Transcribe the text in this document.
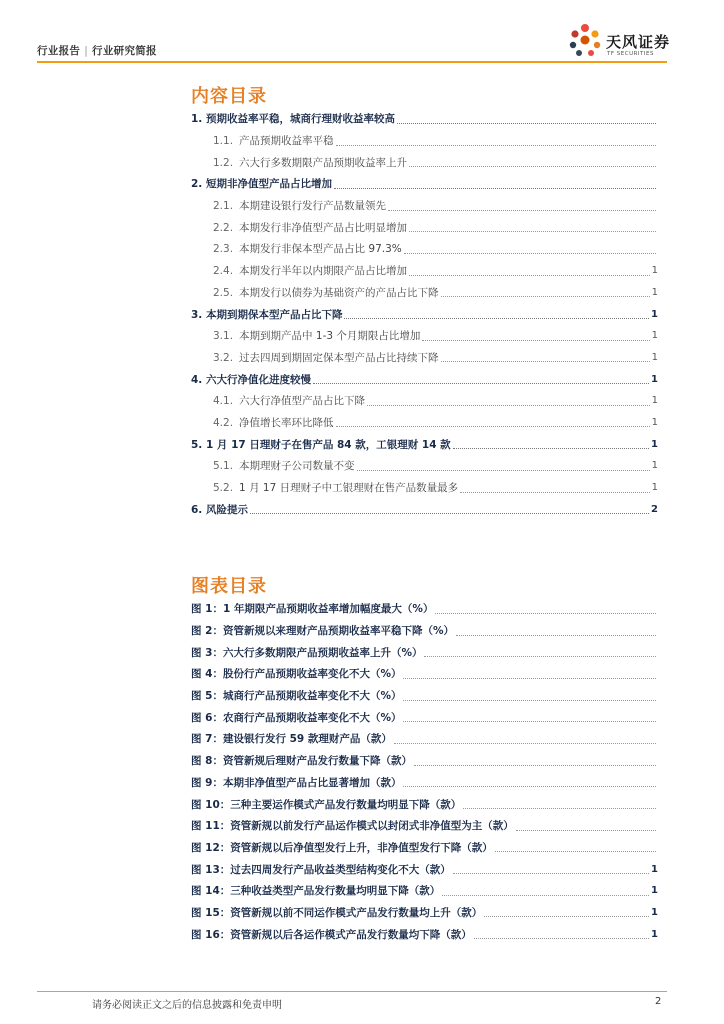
行业报告 | 行业研究简报	天风证券
TF SECURITIES
内容目录
1. 预期收益率平稳，城商行理财收益率较高
1.1. 产品预期收益率平稳
1.2. 六大行多数期限产品预期收益率上升
2. 短期非净值型产品占比增加
2.1. 本期建设银行发行产品数量领先
2.2. 本期发行非净值型产品占比明显增加
2.3. 本期发行非保本型产品占比 97.3%
2.4. 本期发行半年以内期限产品占比增加	1
2.5. 本期发行以债券为基础资产的产品占比下降	1
3. 本期到期保本型产品占比下降	1
3.1. 本期到期产品中 1-3 个月期限占比增加	1
3.2. 过去四周到期固定保本型产品占比持续下降	1
4. 六大行净值化进度较慢	1
4.1. 六大行净值型产品占比下降	1
4.2. 净值增长率环比降低	1
5. 1 月 17 日理财子在售产品 84 款，工银理财 14 款	1
5.1. 本期理财子公司数量不变	1
5.2. 1 月 17 日理财子中工银理财在售产品数量最多	1
6. 风险提示	2
图表目录
图 1：1 年期限产品预期收益率增加幅度最大（%）
图 2：资管新规以来理财产品预期收益率平稳下降（%）
图 3：六大行多数期限产品预期收益率上升（%）
图 4：股份行产品预期收益率变化不大（%）
图 5：城商行产品预期收益率变化不大（%）
图 6：农商行产品预期收益率变化不大（%）
图 7：建设银行发行 59 款理财产品（款）
图 8：资管新规后理财产品发行数量下降（款）
图 9：本期非净值型产品占比显著增加（款）
图 10：三种主要运作模式产品发行数量均明显下降（款）
图 11：资管新规以前发行产品运作模式以封闭式非净值型为主（款）
图 12：资管新规以后净值型发行上升，非净值型发行下降（款）
图 13：过去四周发行产品收益类型结构变化不大（款）	1
图 14：三种收益类型产品发行数量均明显下降（款）	1
图 15：资管新规以前不同运作模式产品发行数量均上升（款）	1
图 16：资管新规以后各运作模式产品发行数量均下降（款）	1
请务必阅读正文之后的信息披露和免责申明	2
